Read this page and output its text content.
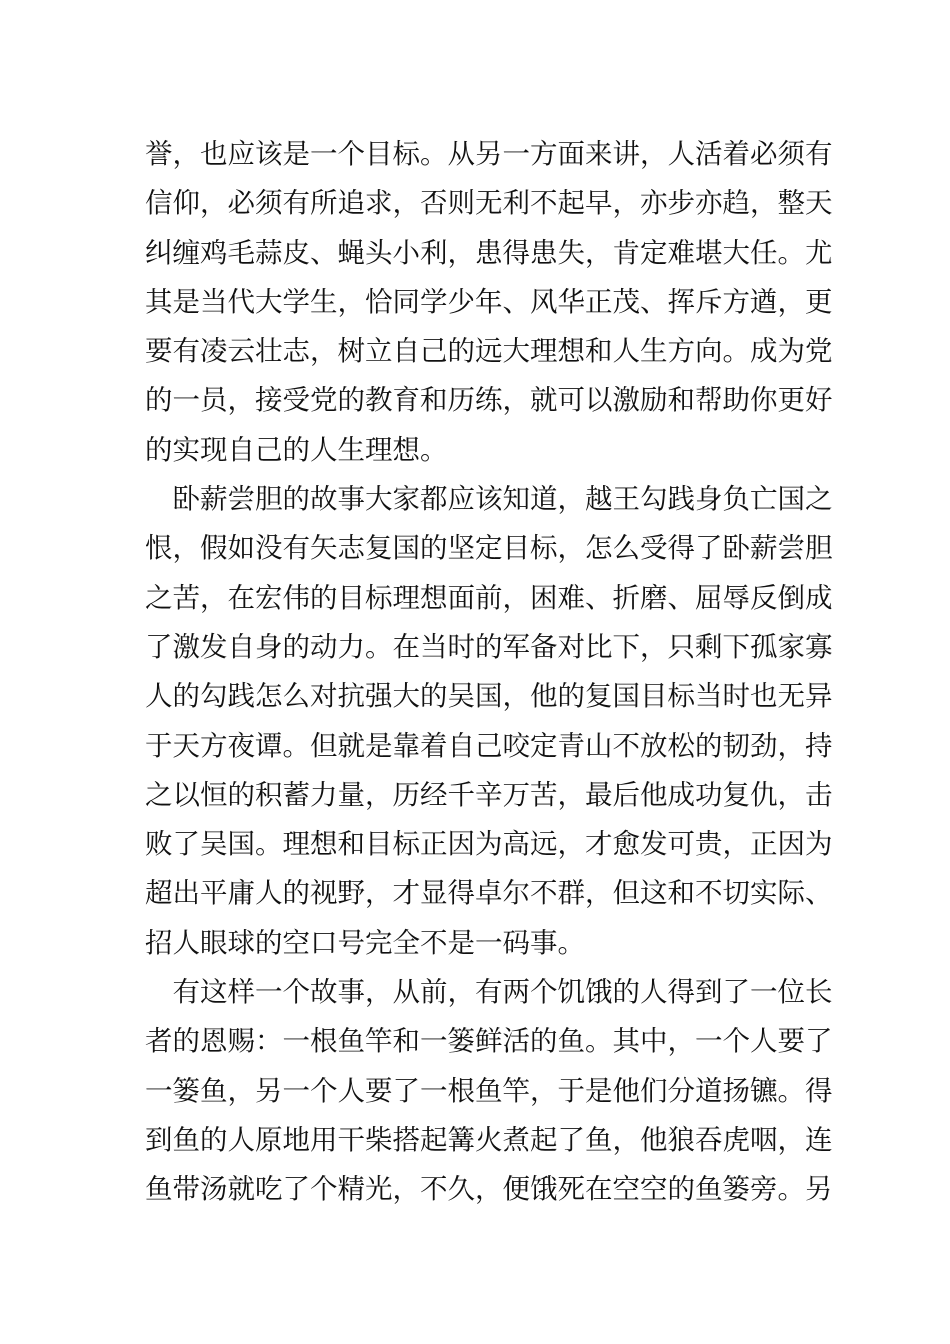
誉，也应该是一个目标。从另一方面来讲，人活着必须有
信仰，必须有所追求，否则无利不起早，亦步亦趋，整天
纠缠鸡毛蒜皮、蝇头小利，患得患失，肯定难堪大任。尤
其是当代大学生，恰同学少年、风华正茂、挥斥方遒，更
要有凌云壮志，树立自己的远大理想和人生方向。成为党
的一员，接受党的教育和历练，就可以激励和帮助你更好
的实现自己的人生理想。
　卧薪尝胆的故事大家都应该知道，越王勾践身负亡国之
恨，假如没有矢志复国的坚定目标，怎么受得了卧薪尝胆
之苦，在宏伟的目标理想面前，困难、折磨、屈辱反倒成
了激发自身的动力。在当时的军备对比下，只剩下孤家寡
人的勾践怎么对抗强大的吴国，他的复国目标当时也无异
于天方夜谭。但就是靠着自己咬定青山不放松的韧劲，持
之以恒的积蓄力量，历经千辛万苦，最后他成功复仇，击
败了吴国。理想和目标正因为高远，才愈发可贵，正因为
超出平庸人的视野，才显得卓尔不群，但这和不切实际、
招人眼球的空口号完全不是一码事。
　有这样一个故事，从前，有两个饥饿的人得到了一位长
者的恩赐：一根鱼竿和一篓鲜活的鱼。其中，一个人要了
一篓鱼，另一个人要了一根鱼竿，于是他们分道扬镳。得
到鱼的人原地用干柴搭起篝火煮起了鱼，他狼吞虎咽，连
鱼带汤就吃了个精光，不久，便饿死在空空的鱼篓旁。另
